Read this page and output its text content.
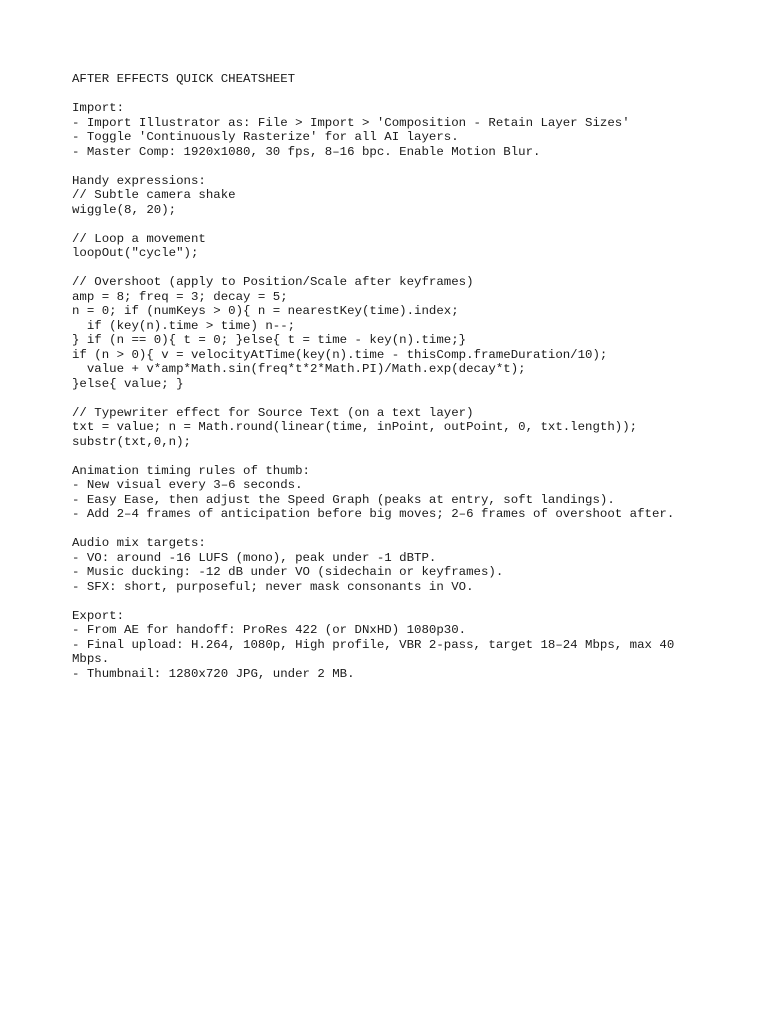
AFTER EFFECTS QUICK CHEATSHEET

Import:

- Import Illustrator as: File > Import > 'Composition - Retain Layer Sizes'

- Toggle 'Continuously Rasterize' for all AI layers.

- Master Comp: 1920x1080, 30 fps, 8–16 bpc. Enable Motion Blur.

Handy expressions:

// Subtle camera shake

wiggle(8, 20);

// Loop a movement

loopOut("cycle");

// Overshoot (apply to Position/Scale after keyframes)

amp = 8; freq = 3; decay = 5;

n = 0; if (numKeys > 0){ n = nearestKey(time).index;

if (key(n).time > time) n--;

} if (n == 0){ t = 0; }else{ t = time - key(n).time;}

if (n > 0){ v = velocityAtTime(key(n).time - thisComp.frameDuration/10);

value + v*amp*Math.sin(freq*t*2*Math.PI)/Math.exp(decay*t);

}else{ value; }

// Typewriter effect for Source Text (on a text layer)

txt = value; n = Math.round(linear(time, inPoint, outPoint, 0, txt.length));

substr(txt,0,n);

Animation timing rules of thumb:

- New visual every 3–6 seconds.

- Easy Ease, then adjust the Speed Graph (peaks at entry, soft landings).

- Add 2–4 frames of anticipation before big moves; 2–6 frames of overshoot after.

Audio mix targets:

- VO: around -16 LUFS (mono), peak under -1 dBTP.

- Music ducking: -12 dB under VO (sidechain or keyframes).

- SFX: short, purposeful; never mask consonants in VO.

Export:

- From AE for handoff: ProRes 422 (or DNxHD) 1080p30.

- Final upload: H.264, 1080p, High profile, VBR 2-pass, target 18–24 Mbps, max 40 Mbps.

- Thumbnail: 1280x720 JPG, under 2 MB.
